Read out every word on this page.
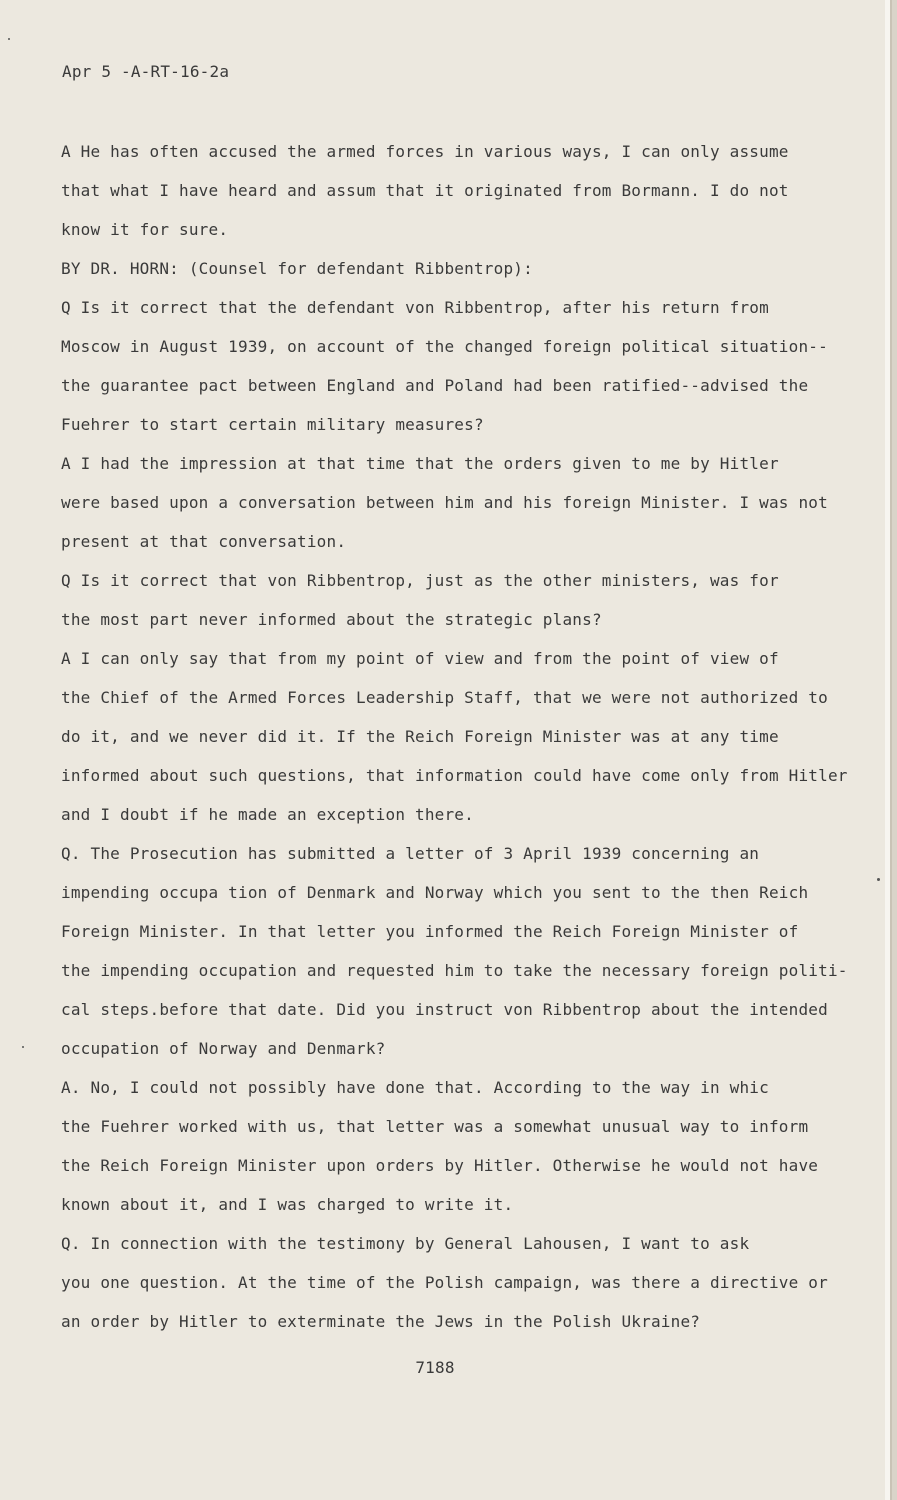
Apr 5 -A-RT-16-2a
A He has often accused the armed forces in various ways, I can only assume
that what I have heard and assum that it originated from Bormann. I do not
know it for sure.
BY DR. HORN: (Counsel for defendant Ribbentrop):
Q Is it correct that the defendant von Ribbentrop, after his return from
Moscow in August 1939, on account of the changed foreign political situation--
the guarantee pact between England and Poland had been ratified--advised the
Fuehrer to start certain military measures?
A I had the impression at that time that the orders given to me by Hitler
were based upon a conversation between him and his foreign Minister. I was not
present at that conversation.
Q Is it correct that von Ribbentrop, just as the other ministers, was for
the most part never informed about the strategic plans?
A I can only say that from my point of view and from the point of view of
the Chief of the Armed Forces Leadership Staff, that we were not authorized to
do it, and we never did it. If the Reich Foreign Minister was at any time
informed about such questions, that information could have come only from Hitler
and I doubt if he made an exception there.
Q. The Prosecution has submitted a letter of 3 April 1939 concerning an
impending occupa tion of Denmark and Norway which you sent to the then Reich
Foreign Minister. In that letter you informed the Reich Foreign Minister of
the impending occupation and requested him to take the necessary foreign politi-
cal steps.before that date. Did you instruct von Ribbentrop about the intended
occupation of Norway and Denmark?
A. No, I could not possibly have done that. According to the way in whic
the Fuehrer worked with us, that letter was a somewhat unusual way to inform
the Reich Foreign Minister upon orders by Hitler. Otherwise he would not have
known about it, and I was charged to write it.
Q. In connection with the testimony by General Lahousen, I want to ask
you one question. At the time of the Polish campaign, was there a directive or
an order by Hitler to exterminate the Jews in the Polish Ukraine?
7188
